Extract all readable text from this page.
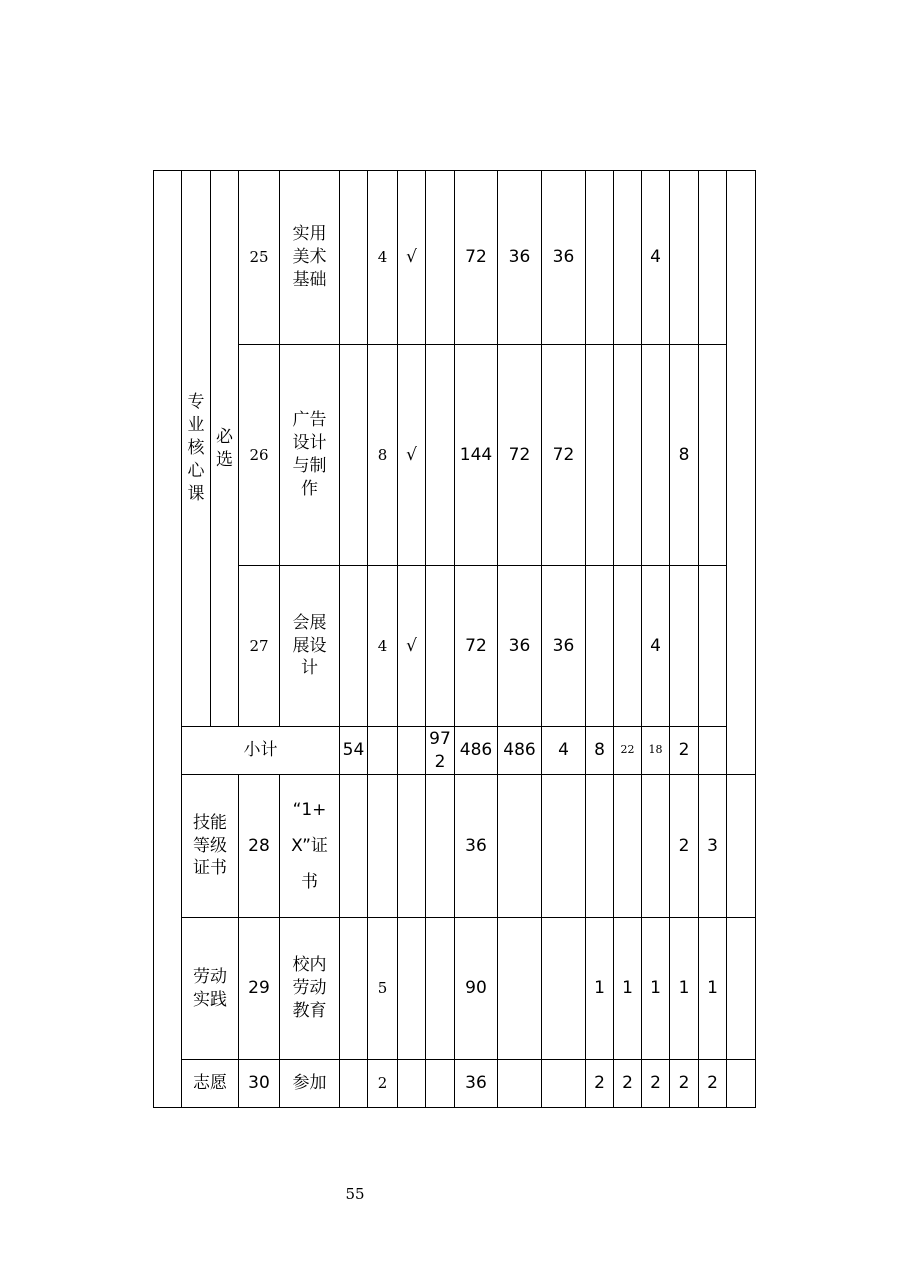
	专
业
核
心
课	必
选	25	实用
美术
基础		4	√		72	36	36			4			
			26	广告
设计
与制
作		8	√		144	72	72				8		
			27	会展
展设
计		4	√		72	36	36			4			
	小计				54			972	486	486	4	8	22	18	2		

	技能
等级
证书		28	“1+
X”证
书					36						2	3	

	劳动
实践		29	校内
劳动
教育		5			90			1	1	1	1	1	
	志愿		30	参加		2			36			2	2	2	2	2	
55
